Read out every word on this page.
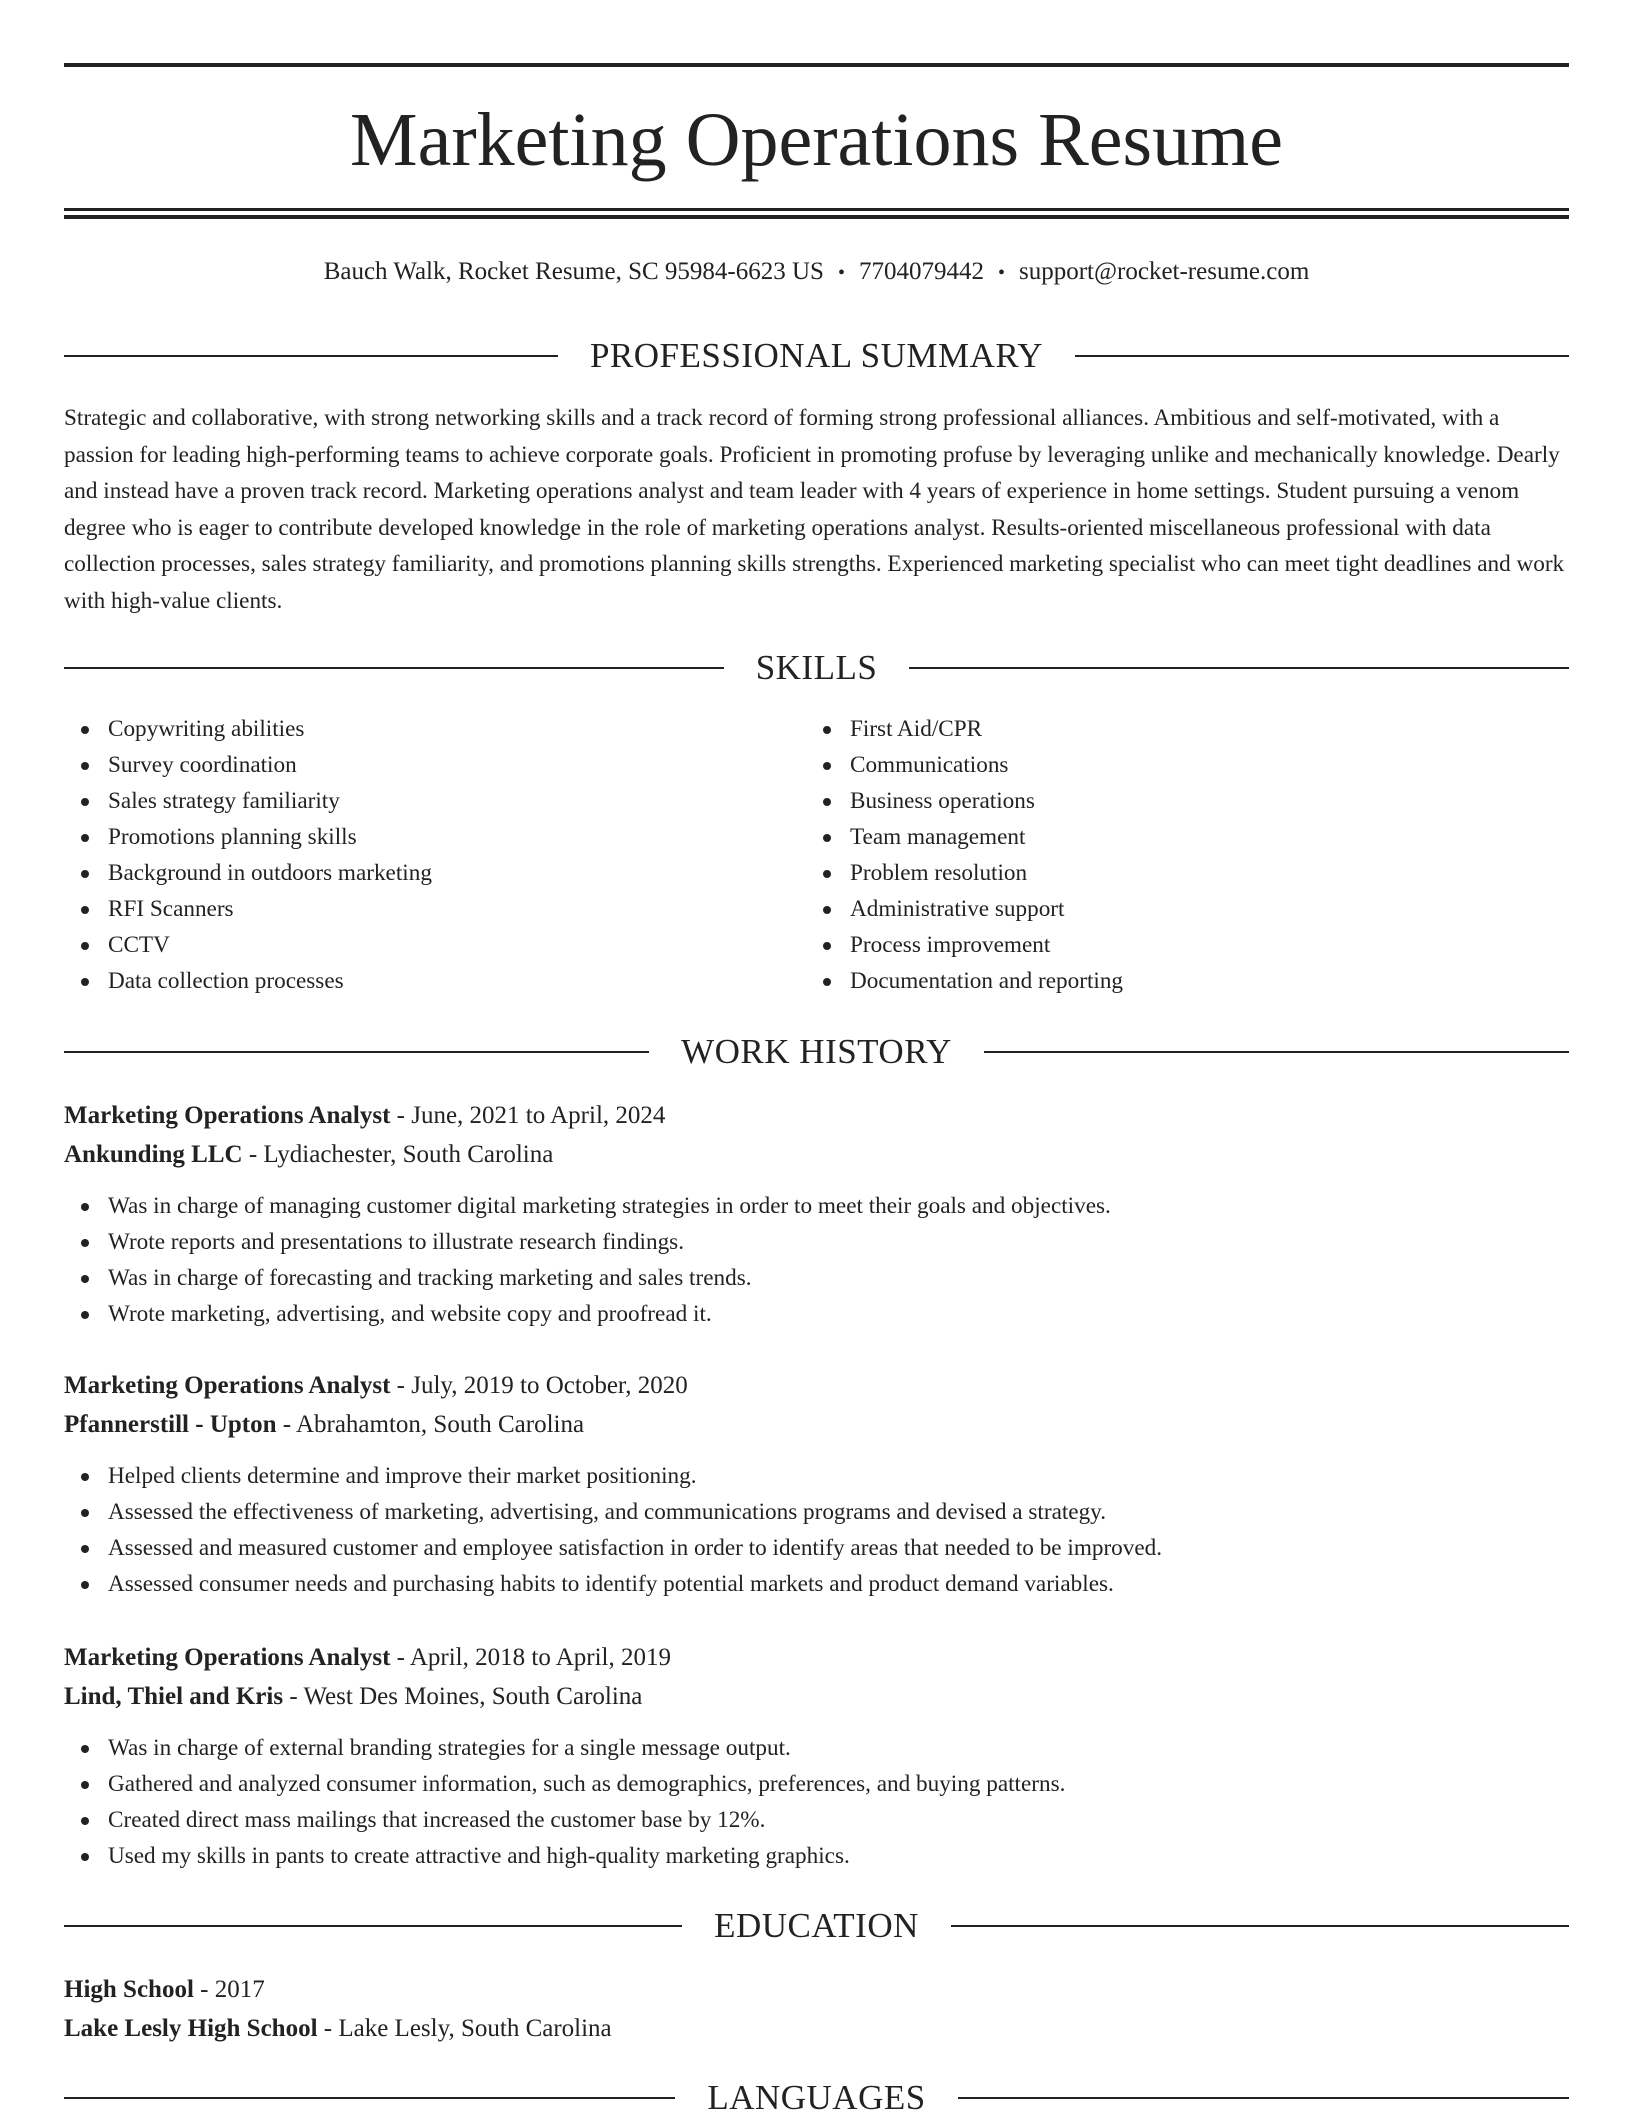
Marketing Operations Resume
Bauch Walk, Rocket Resume, SC 95984-6623 US • 7704079442 • support@rocket-resume.com
PROFESSIONAL SUMMARY

Strategic and collaborative, with strong networking skills and a track record of forming strong professional alliances. Ambitious and self-motivated, with a passion for leading high-performing teams to achieve corporate goals. Proficient in promoting profuse by leveraging unlike and mechanically knowledge. Dearly and instead have a proven track record. Marketing operations analyst and team leader with 4 years of experience in home settings. Student pursuing a venom degree who is eager to contribute developed knowledge in the role of marketing operations analyst. Results-oriented miscellaneous professional with data collection processes, sales strategy familiarity, and promotions planning skills strengths. Experienced marketing specialist who can meet tight deadlines and work with high-value clients.

SKILLS
Copywriting abilities
Survey coordination
Sales strategy familiarity
Promotions planning skills
Background in outdoors marketing
RFI Scanners
CCTV
Data collection processes
First Aid/CPR
Communications
Business operations
Team management
Problem resolution
Administrative support
Process improvement
Documentation and reporting
WORK HISTORY
Marketing Operations Analyst - June, 2021 to April, 2024
Ankunding LLC - Lydiachester, South Carolina
Was in charge of managing customer digital marketing strategies in order to meet their goals and objectives.
Wrote reports and presentations to illustrate research findings.
Was in charge of forecasting and tracking marketing and sales trends.
Wrote marketing, advertising, and website copy and proofread it.
Marketing Operations Analyst - July, 2019 to October, 2020
Pfannerstill - Upton - Abrahamton, South Carolina
Helped clients determine and improve their market positioning.
Assessed the effectiveness of marketing, advertising, and communications programs and devised a strategy.
Assessed and measured customer and employee satisfaction in order to identify areas that needed to be improved.
Assessed consumer needs and purchasing habits to identify potential markets and product demand variables.
Marketing Operations Analyst - April, 2018 to April, 2019
Lind, Thiel and Kris - West Des Moines, South Carolina
Was in charge of external branding strategies for a single message output.
Gathered and analyzed consumer information, such as demographics, preferences, and buying patterns.
Created direct mass mailings that increased the customer base by 12%.
Used my skills in pants to create attractive and high-quality marketing graphics.
EDUCATION
High School - 2017
Lake Lesly High School - Lake Lesly, South Carolina
LANGUAGES
